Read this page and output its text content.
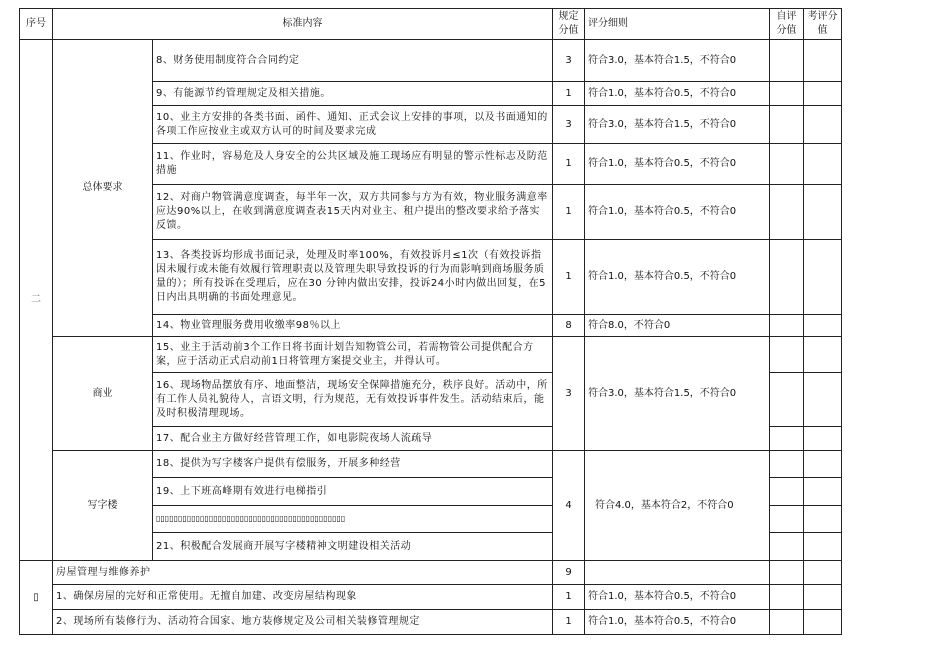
序号	标准内容		规定分值	评分细则	自评分值	考评分值
二	总体要求	8、财务使用制度符合合同约定	3	符合3.0，基本符合1.5，不符合0		
		9、有能源节约管理规定及相关措施。	1	符合1.0，基本符合0.5，不符合0		
		10、业主方安排的各类书面、函件、通知、正式会议上安排的事项，以及书面通知的各项工作应按业主或双方认可的时间及要求完成	3	符合3.0，基本符合1.5，不符合0		
		11、作业时，容易危及人身安全的公共区域及施工现场应有明显的警示性标志及防范措施	1	符合1.0，基本符合0.5，不符合0		
		12、对商户物管满意度调查，每半年一次，双方共同参与方为有效，物业服务满意率应达90%以上，在收到满意度调查表15天内对业主、租户提出的整改要求给予落实反馈。	1	符合1.0，基本符合0.5，不符合0		
		13、各类投诉均形成书面记录，处理及时率100%，有效投诉月≤1次（有效投诉指因未履行或未能有效履行管理职责以及管理失职导致投诉的行为而影响到商场服务质量的）；所有投诉在受理后，应在30 分钟内做出安排，投诉24小时内做出回复，在5日内出具明确的书面处理意见。	1	符合1.0，基本符合0.5，不符合0		
		14、物业管理服务费用收缴率98％以上	8	符合8.0，不符合0		
	商业	15、业主于活动前3个工作日将书面计划告知物管公司，若需物管公司提供配合方案，应于活动正式启动前1日将管理方案提交业主，并得认可。	3	符合3.0，基本符合1.5，不符合0		
		16、现场物品摆放有序、地面整洁，现场安全保障措施充分，秩序良好。活动中，所有工作人员礼貌待人，言语文明，行为规范，无有效投诉事件发生。活动结束后，能及时积极清理现场。				
		17、配合业主方做好经营管理工作，如电影院夜场人流疏导				
	写字楼	18、提供为写字楼客户提供有偿服务，开展多种经营	4	符合4.0，基本符合2，不符合0		
		19、上下班高峰期有效进行电梯指引				
		▯▯▯▯▯▯▯▯▯▯▯▯▯▯▯▯▯▯▯▯▯▯▯▯▯▯▯▯▯▯▯▯▯▯▯▯▯▯▯▯▯▯▯				
		21、积极配合发展商开展写字楼精神文明建设相关活动				
▯	房屋管理与维修养护		9			
	1、确保房屋的完好和正常使用。无擅自加建、改变房屋结构现象		1	符合1.0，基本符合0.5，不符合0		
	2、现场所有装修行为、活动符合国家、地方装修规定及公司相关装修管理规定		1	符合1.0，基本符合0.5，不符合0		
